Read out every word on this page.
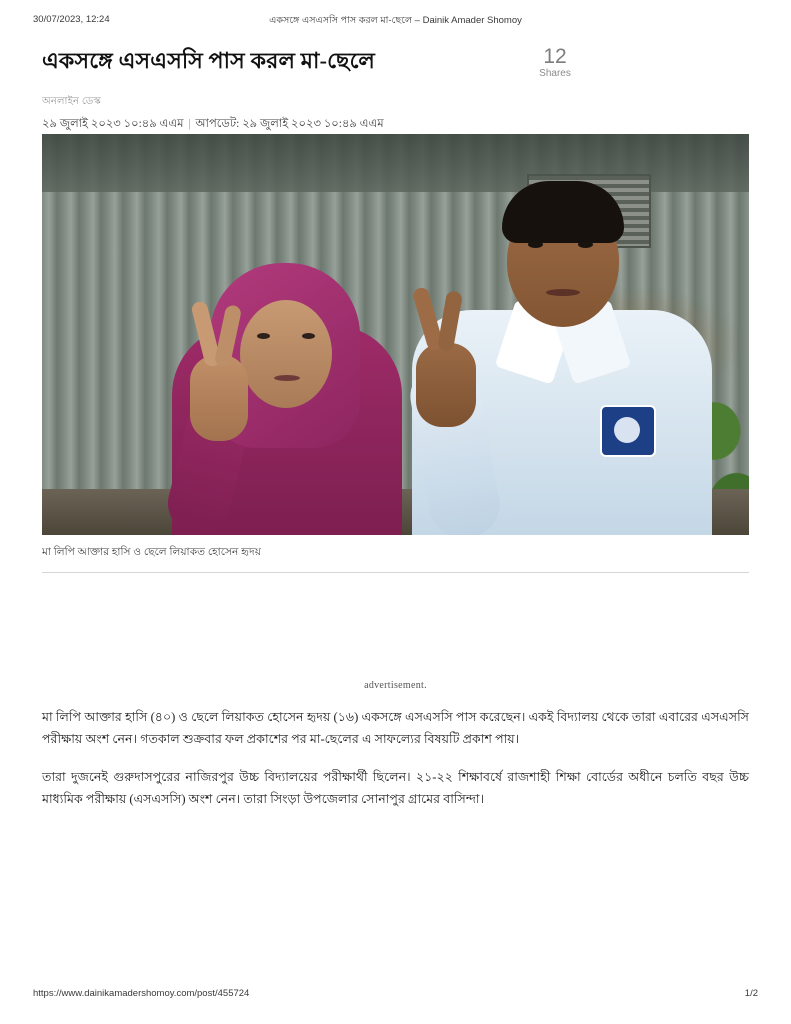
30/07/2023, 12:24	একসঙ্গে এসএসসি পাস করল মা-ছেলে – Dainik Amader Shomoy
একসঙ্গে এসএসসি পাস করল মা-ছেলে
অনলাইন ডেস্ক
২৯ জুলাই ২০২৩ ১০:৪৯ এএম | আপডেট: ২৯ জুলাই ২০২৩ ১০:৪৯ এএম
12
Shares
মা লিপি আক্তার হাসি ও ছেলে লিয়াকত হোসেন হৃদয়
advertisement.

মা লিপি আক্তার হাসি (৪০) ও ছেলে লিয়াকত হোসেন হৃদয় (১৬) একসঙ্গে এসএসসি পাস করেছেন। একই বিদ্যালয় থেকে তারা এবারের এসএসসি পরীক্ষায় অংশ নেন। গতকাল শুক্রবার ফল প্রকাশের পর মা-ছেলের এ সাফল্যের বিষয়টি প্রকাশ পায়।

তারা দুজনেই গুরুদাসপুরের নাজিরপুর উচ্চ বিদ্যালয়ের পরীক্ষার্থী ছিলেন। ২১-২২ শিক্ষাবর্ষে রাজশাহী শিক্ষা বোর্ডের অধীনে চলতি বছর উচ্চ মাধ্যমিক পরীক্ষায় (এসএসসি) অংশ নেন। তারা সিংড়া উপজেলার সোনাপুর গ্রামের বাসিন্দা।

https://www.dainikamadershomoy.com/post/455724	1/2
